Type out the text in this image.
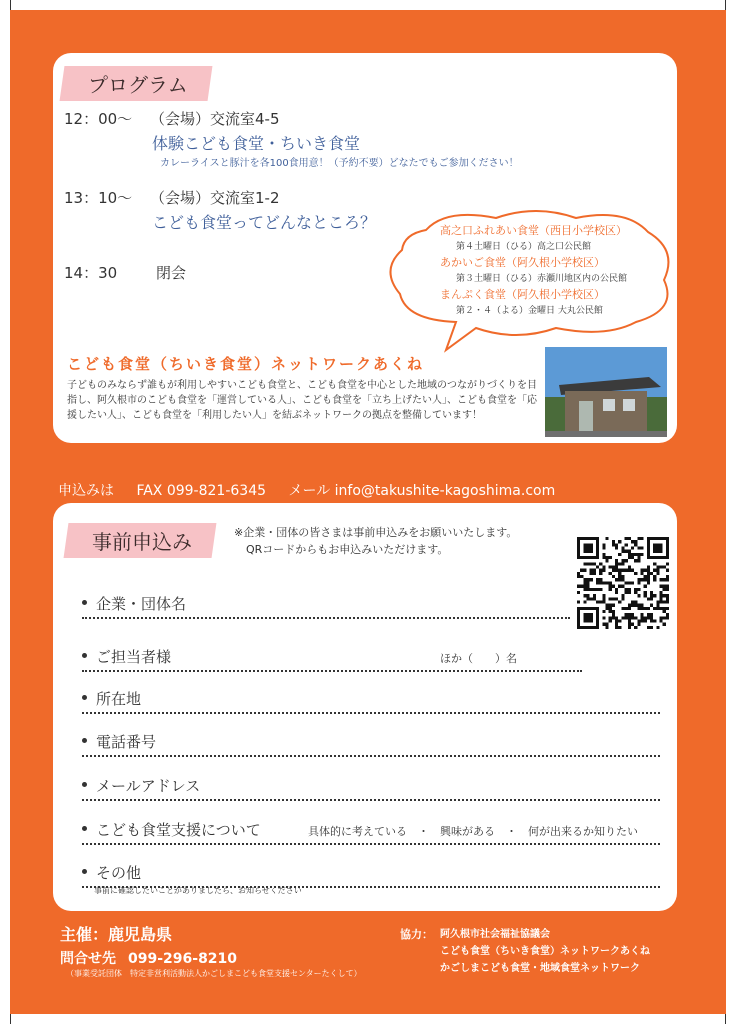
プログラム
12：00～ （会場）交流室4-5
体験こども食堂・ちいき食堂
カレーライスと豚汁を各100食用意！（予約不要）どなたでもご参加ください！
13：10～ （会場）交流室1-2
こども食堂ってどんなところ？
14：30	閉会
高之口ふれあい食堂（西目小学校区）
第４土曜日（ひる）高之口公民館
あかいご食堂（阿久根小学校区）
第３土曜日（ひる）赤瀬川地区内の公民館
まんぷく食堂（阿久根小学校区）
第２・４（よる）金曜日 大丸公民館
こども食堂（ちいき食堂）ネットワークあくね
子どものみならず誰もが利用しやすいこども食堂と、こども食堂を中心とした地域のつながりづくりを目指し、阿久根市のこども食堂を「運営している人」、こども食堂を「立ち上げたい人」、こども食堂を「応援したい人」、こども食堂を「利用したい人」を結ぶネットワークの拠点を整備しています！
申込みは FAX 099-821-6345 メール info@takushite-kagoshima.com
事前申込み	※企業・団体の皆さまは事前申込みをお願いいたします。
QRコードからもお申込みいただけます。
企業・団体名
ご担当者様	ほか（　　）名
所在地
電話番号
メールアドレス
こども食堂支援について	具体的に考えている　・　興味がある　・　何が出来るか知りたい
その他
事前に確認したいことがありましたら、お知らせください
主催：鹿児島県
問合せ先 099-296-8210
（事業受託団体　特定非営利活動法人かごしまこども食堂支援センターたくして）
協力： 阿久根市社会福祉協議会
こども食堂（ちいき食堂）ネットワークあくね
かごしまこども食堂・地域食堂ネットワーク
